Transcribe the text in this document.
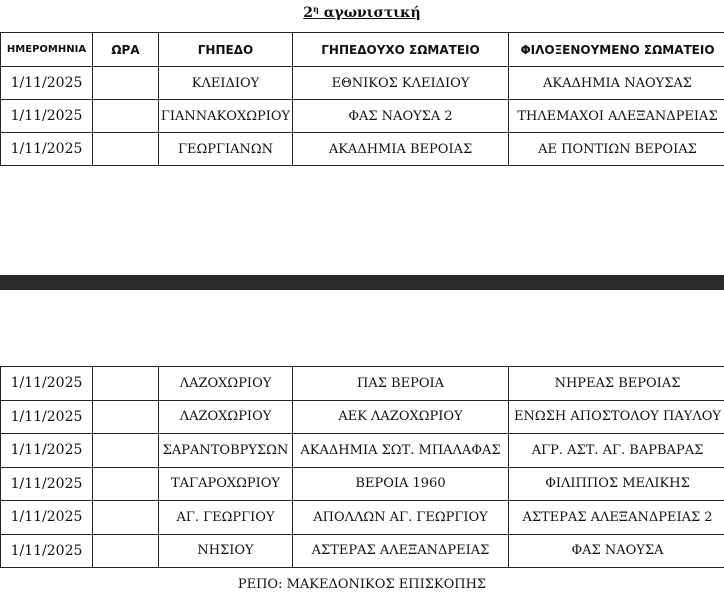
$2^\eta$ αγωνιστική
ΗΜΕΡΟΜΗΝΙΑ	ΩΡΑ	ΓΗΠΕΔΟ	ΓΗΠΕΔΟΥΧΟ ΣΩΜΑΤΕΙΟ	ΦΙΛΟΞΕΝΟΥΜΕΝΟ ΣΩΜΑΤΕΙΟ
1/11/2025		ΚΛΕΙΔΙΟΥ	ΕΘΝΙΚΟΣ ΚΛΕΙΔΙΟΥ	ΑΚΑΔΗΜΙΑ ΝΑΟΥΣΑΣ
1/11/2025		ΓΙΑΝΝΑΚΟΧΩΡΙΟΥ	ΦΑΣ ΝΑΟΥΣΑ 2	ΤΗΛΕΜΑΧΟΙ ΑΛΕΞΑΝΔΡΕΙΑΣ
1/11/2025		ΓΕΩΡΓΙΑΝΩΝ	ΑΚΑΔΗΜΙΑ ΒΕΡΟΙΑΣ	ΑΕ ΠΟΝΤΙΩΝ ΒΕΡΟΙΑΣ
1/11/2025		ΛΑΖΟΧΩΡΙΟΥ	ΠΑΣ ΒΕΡΟΙΑ	ΝΗΡΕΑΣ ΒΕΡΟΙΑΣ
1/11/2025		ΛΑΖΟΧΩΡΙΟΥ	ΑΕΚ ΛΑΖΟΧΩΡΙΟΥ	ΕΝΩΣΗ ΑΠΟΣΤΟΛΟΥ ΠΑΥΛΟΥ
1/11/2025		ΣΑΡΑΝΤΟΒΡΥΣΩΝ	ΑΚΑΔΗΜΙΑ ΣΩΤ. ΜΠΑΛΑΦΑΣ	ΑΓΡ. ΑΣΤ. ΑΓ. ΒΑΡΒΑΡΑΣ
1/11/2025		ΤΑΓΑΡΟΧΩΡΙΟΥ	ΒΕΡΟΙΑ 1960	ΦΙΛΙΠΠΟΣ ΜΕΛΙΚΗΣ
1/11/2025		ΑΓ. ΓΕΩΡΓΙΟΥ	ΑΠΟΛΛΩΝ ΑΓ. ΓΕΩΡΓΙΟΥ	ΑΣΤΕΡΑΣ ΑΛΕΞΑΝΔΡΕΙΑΣ 2
1/11/2025		ΝΗΣΙΟΥ	ΑΣΤΕΡΑΣ ΑΛΕΞΑΝΔΡΕΙΑΣ	ΦΑΣ ΝΑΟΥΣΑ
ΡΕΠΟ: ΜΑΚΕΔΟΝΙΚΟΣ ΕΠΙΣΚΟΠΗΣ
